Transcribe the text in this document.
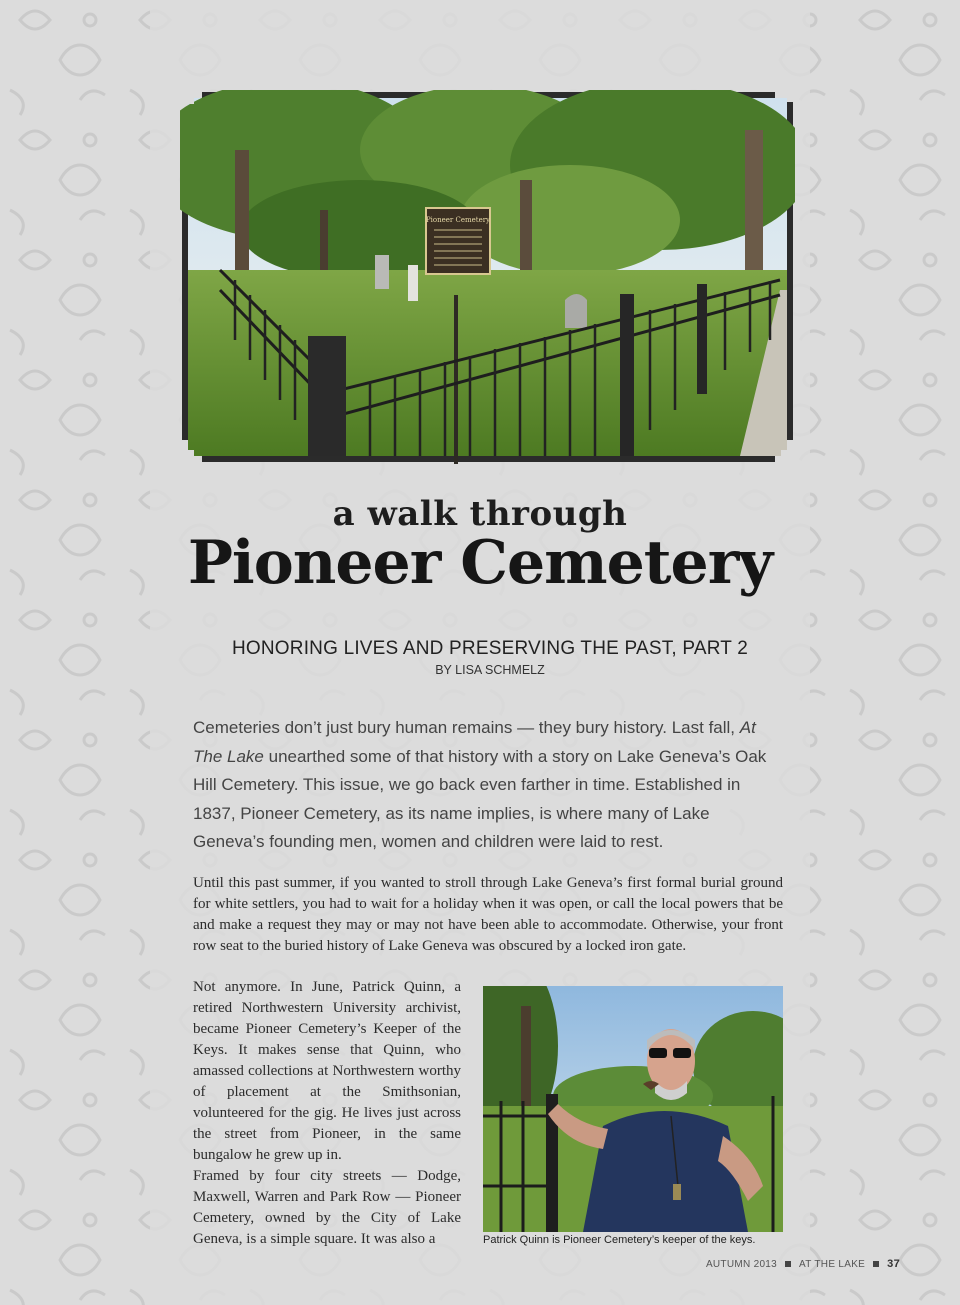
Pioneer Cemetery
a walk through
Pioneer Cemetery
HONORING LIVES AND PRESERVING THE PAST, PART 2
BY LISA SCHMELZ

Cemeteries don’t just bury human remains — they bury history. Last fall, At The Lake unearthed some of that history with a story on Lake Geneva’s Oak Hill Cemetery. This issue, we go back even farther in time. Established in 1837, Pioneer Cemetery, as its name implies, is where many of Lake Geneva’s founding men, women and children were laid to rest.

Until this past summer, if you wanted to stroll through Lake Geneva’s first formal burial ground for white settlers, you had to wait for a holiday when it was open, or call the local powers that be and make a request they may or may not have been able to accommodate. Otherwise, your front row seat to the buried history of Lake Geneva was obscured by a locked iron gate.

Not anymore. In June, Patrick Quinn, a retired Northwestern University archivist, became Pioneer Cemetery’s Keeper of the Keys. It makes sense that Quinn, who amassed collections at Northwestern worthy of placement at the Smithsonian, volunteered for the gig. He lives just across the street from Pioneer, in the same bungalow he grew up in.

Framed by four city streets — Dodge, Maxwell, Warren and Park Row — Pioneer Cemetery, owned by the City of Lake Geneva, is a simple square. It was also a	Patrick Quinn is Pioneer Cemetery’s keeper of the keys.
AUTUMN 2013 AT THE LAKE 37
